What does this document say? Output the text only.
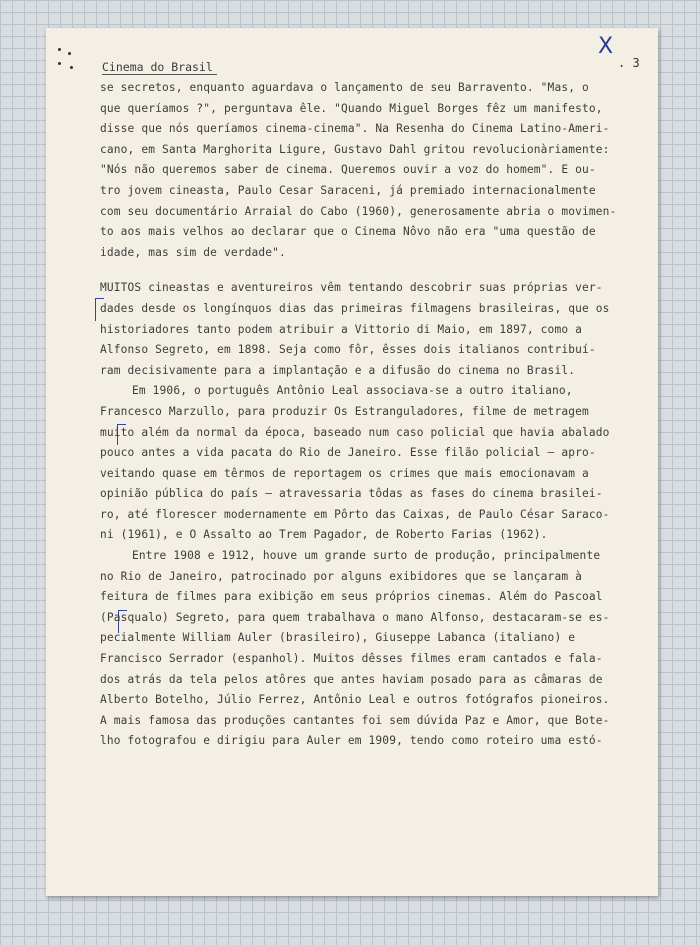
X
. 3
Cinema do Brasil
se secretos, enquanto aguardava o lançamento de seu Barravento. "Mas, o
que queríamos ?", perguntava êle. "Quando Miguel Borges fêz um manifesto,
disse que nós queríamos cinema-cinema". Na Resenha do Cinema Latino-Ameri-
cano, em Santa Marghorita Ligure, Gustavo Dahl gritou revolucionàriamente:
"Nós não queremos saber de cinema. Queremos ouvir a voz do homem". E ou-
tro jovem cineasta, Paulo Cesar Saraceni, já premiado internacionalmente
com seu documentário Arraial do Cabo (1960), generosamente abria o movimen-
to aos mais velhos ao declarar que o Cinema Nôvo não era "uma questão de
idade, mas sim de verdade".
MUITOS cineastas e aventureiros vêm tentando descobrir suas próprias ver-
dades desde os longínquos dias das primeiras filmagens brasileiras, que os
historiadores tanto podem atribuir a Vittorio di Maio, em 1897, como a
Alfonso Segreto, em 1898. Seja como fôr, êsses dois italianos contribuí-
ram decisivamente para a implantação e a difusão do cinema no Brasil.
Em 1906, o português Antônio Leal associava-se a outro italiano,
Francesco Marzullo, para produzir Os Estranguladores, filme de metragem
muito além da normal da época, baseado num caso policial que havia abalado
pouco antes a vida pacata do Rio de Janeiro. Esse filão policial — apro-
veitando quase em têrmos de reportagem os crimes que mais emocionavam a
opinião pública do país — atravessaria tôdas as fases do cinema brasilei-
ro, até florescer modernamente em Pôrto das Caixas, de Paulo César Saraco-
ni (1961), e O Assalto ao Trem Pagador, de Roberto Farias (1962).
Entre 1908 e 1912, houve um grande surto de produção, principalmente
no Rio de Janeiro, patrocinado por alguns exibidores que se lançaram à
feitura de filmes para exibição em seus próprios cinemas. Além do Pascoal
(Pasqualo) Segreto, para quem trabalhava o mano Alfonso, destacaram-se es-
pecialmente William Auler (brasileiro), Giuseppe Labanca (italiano) e
Francisco Serrador (espanhol). Muitos dêsses filmes eram cantados e fala-
dos atrás da tela pelos atôres que antes haviam posado para as câmaras de
Alberto Botelho, Júlio Ferrez, Antônio Leal e outros fotógrafos pioneiros.
A mais famosa das produções cantantes foi sem dúvida Paz e Amor, que Bote-
lho fotografou e dirigiu para Auler em 1909, tendo como roteiro uma estó-
